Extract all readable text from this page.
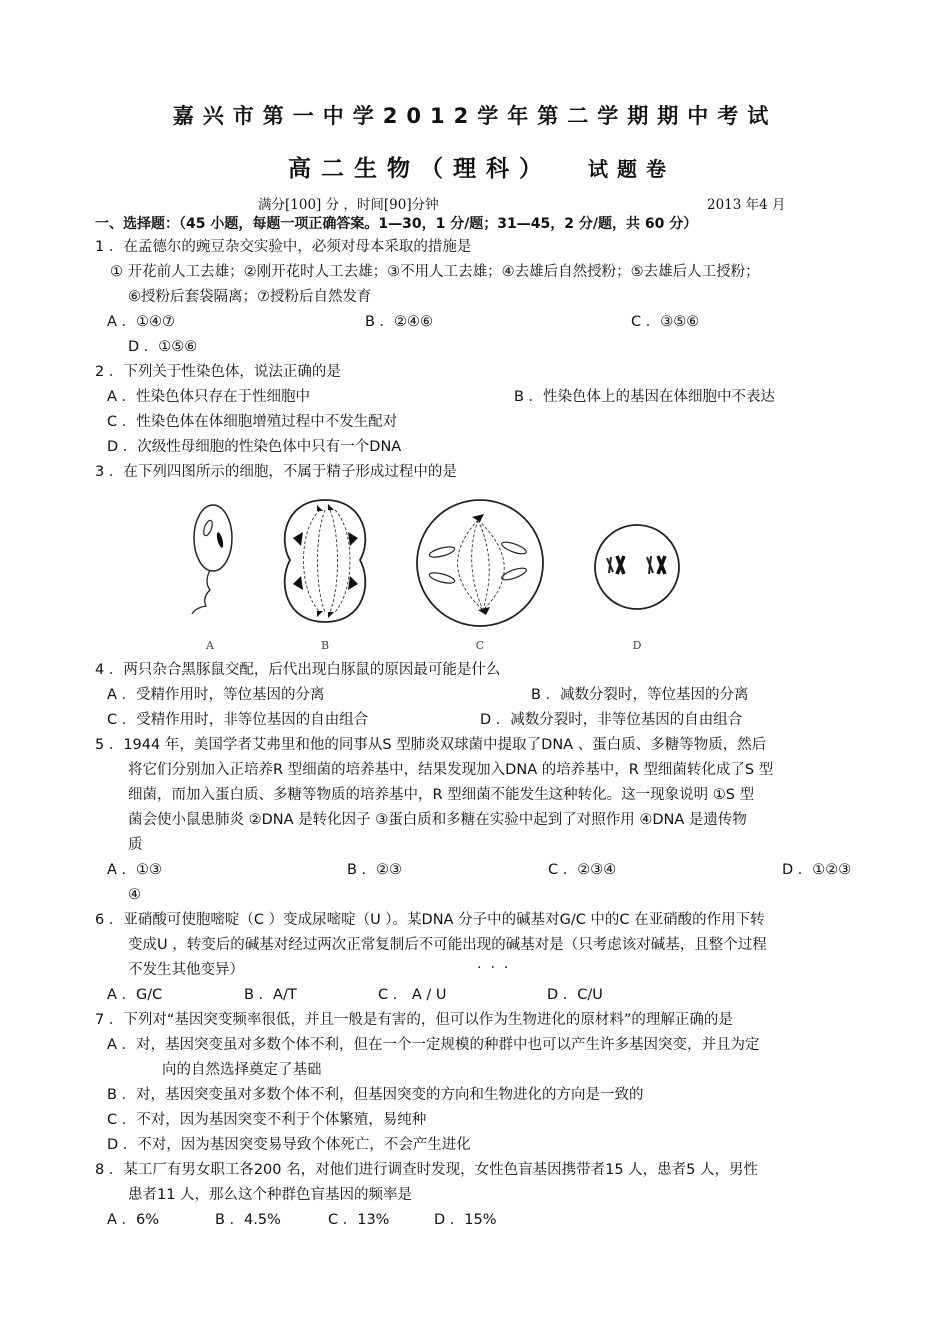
嘉兴市第一中学2012学年第二学期期中考试
高二生物（理科） 试题卷
满分[100] 分 ，时间[90]分钟	2013 年4 月
一、选择题：（45 小题，每题一项正确答案。1—30，1 分/题；31—45，2 分/题，共 60 分）
1 ．在孟德尔的豌豆杂交实验中，必须对母本采取的措施是
① 开花前人工去雄；②刚开花时人工去雄；③不用人工去雄；④去雄后自然授粉；⑤去雄后人工授粉；
⑥授粉后套袋隔离；⑦授粉后自然发育
A ．①④⑦	B ．②④⑥	C ．③⑤⑥
D ．①⑤⑥
2 ．下列关于性染色体，说法正确的是
A ．性染色体只存在于性细胞中	B ．性染色体上的基因在体细胞中不表达
C ．性染色体在体细胞增殖过程中不发生配对
D ．次级性母细胞的性染色体中只有一个DNA
3 ．在下列四图所示的细胞，不属于精子形成过程中的是
A	B	C	D
4 ．两只杂合黑豚鼠交配，后代出现白豚鼠的原因最可能是什么
A ．受精作用时，等位基因的分离	B ．减数分裂时，等位基因的分离
C ．受精作用时，非等位基因的自由组合	D ．减数分裂时，非等位基因的自由组合
5 ．1944 年，美国学者艾弗里和他的同事从S 型肺炎双球菌中提取了DNA 、蛋白质、多糖等物质，然后
将它们分别加入正培养R 型细菌的培养基中，结果发现加入DNA 的培养基中，R 型细菌转化成了S 型
细菌，而加入蛋白质、多糖等物质的培养基中，R 型细菌不能发生这种转化。这一现象说明 ①S 型
菌会使小鼠患肺炎 ②DNA 是转化因子 ③蛋白质和多糖在实验中起到了对照作用 ④DNA 是遗传物
质
A ．①③	B ．②③	C ．②③④	D ．①②③
④
6 ．亚硝酸可使胞嘧啶（C ）变成尿嘧啶（U ）。某DNA 分子中的碱基对G/C 中的C 在亚硝酸的作用下转
变成U ，转变后的碱基对经过两次正常复制后不可能出现的碱基对是（只考虑该对碱基，且整个过程
···
不发生其他变异）
A ．G/C	B ．A/T	C ． A / U	D ．C/U
7 ．下列对“基因突变频率很低，并且一般是有害的，但可以作为生物进化的原材料”的理解正确的是
A ．对，基因突变虽对多数个体不利，但在一个一定规模的种群中也可以产生许多基因突变，并且为定
向的自然选择奠定了基础
B ．对，基因突变虽对多数个体不利，但基因突变的方向和生物进化的方向是一致的
C ．不对，因为基因突变不利于个体繁殖，易纯种
D ．不对，因为基因突变易导致个体死亡，不会产生进化
8 ．某工厂有男女职工各200 名，对他们进行调查时发现，女性色盲基因携带者15 人，患者5 人，男性
患者11 人，那么这个种群色盲基因的频率是
A ．6%	B ．4.5%	C ．13%	D ．15%
